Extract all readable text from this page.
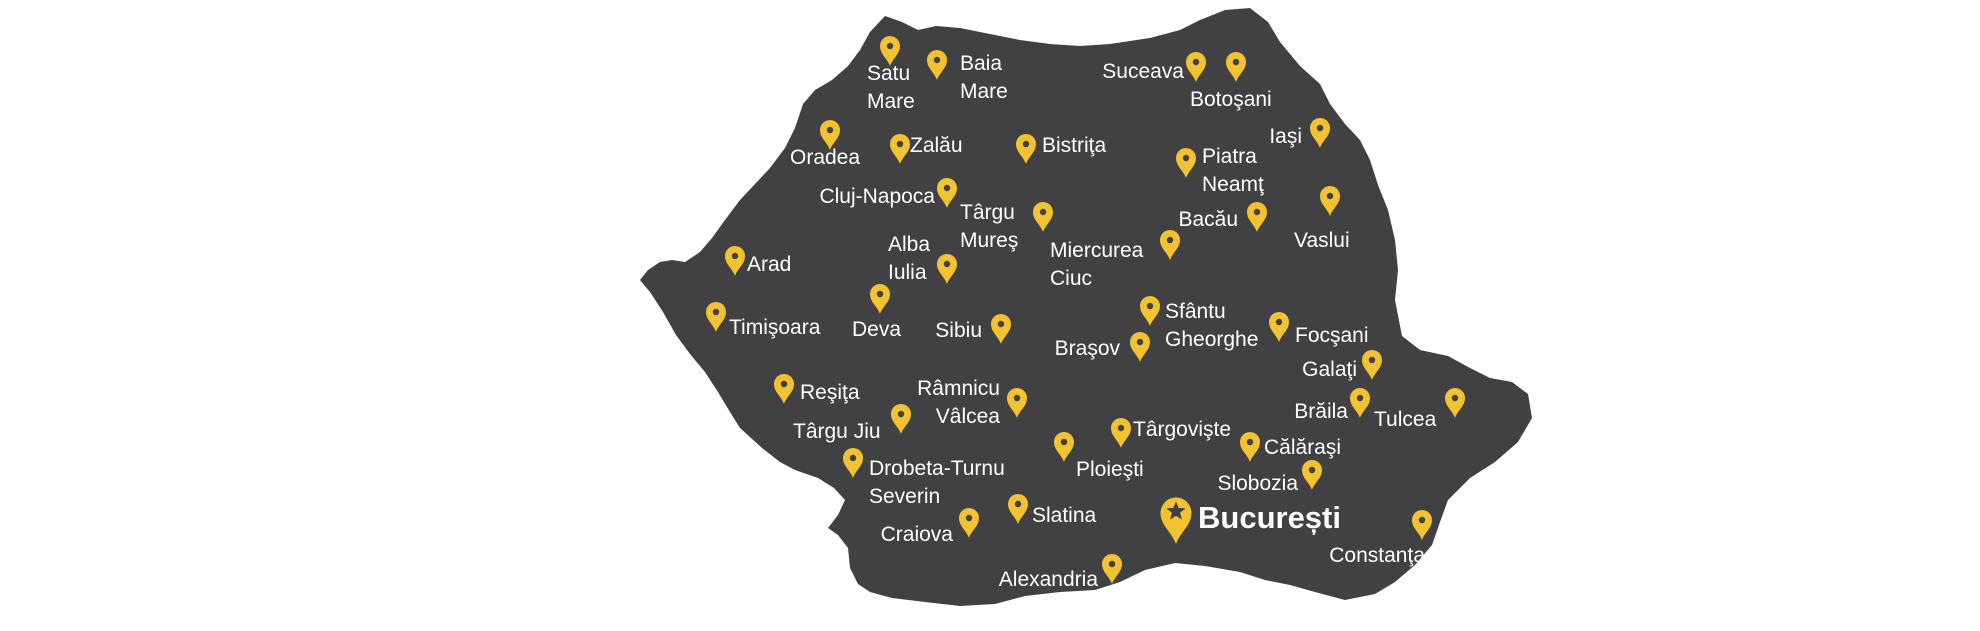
Satu Mare
Baia Mare
Suceava
Botoşani
Iaşi
Oradea
Zalău	Bistriţa	Piatra Neamţ
Cluj-Napoca
Târgu Mureş
Bacău
Vaslui
Miercurea Ciuc
Arad
Alba Iulia
Timişoara Deva Sibiu
Sfântu Gheorghe
Braşov
Focşani
Galaţi
Reşiţa	Râmnicu Vâlcea	Brăila Tulcea
Târgu Jiu	Târgovişte
Călăraşi
Drobeta-Turnu Severin
Ploieşti
Slobozia
Craiova
Slatina
Constanţa
Alexandria
București
